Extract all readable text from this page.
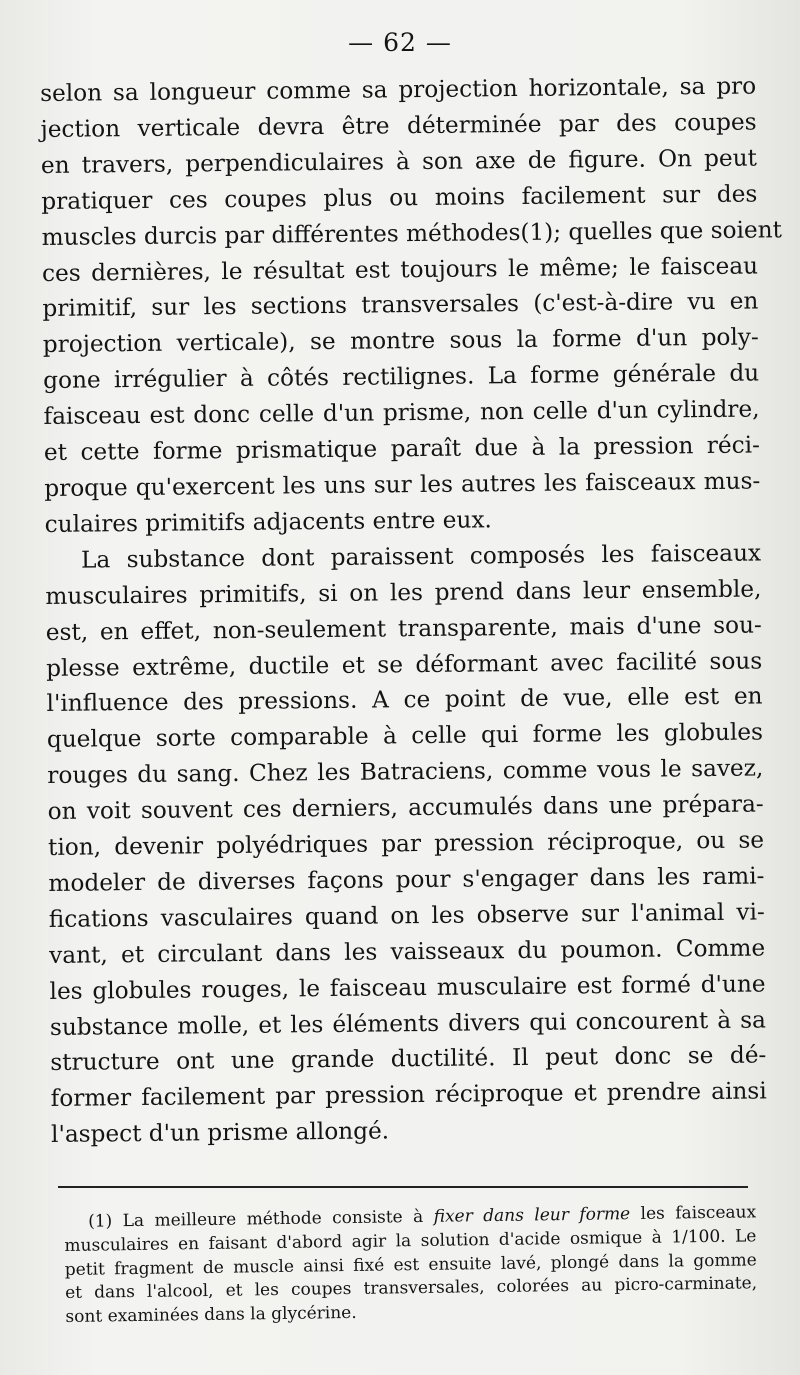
— 62 —
selon sa longueur comme sa projection horizontale, sa pro
jection verticale devra être déterminée par des coupes
en travers, perpendiculaires à son axe de figure. On peut
pratiquer ces coupes plus ou moins facilement sur des
muscles durcis par différentes méthodes(1); quelles que soient
ces dernières, le résultat est toujours le même; le faisceau
primitif, sur les sections transversales (c'est-à-dire vu en
projection verticale), se montre sous la forme d'un poly-
gone irrégulier à côtés rectilignes. La forme générale du
faisceau est donc celle d'un prisme, non celle d'un cylindre,
et cette forme prismatique paraît due à la pression réci-
proque qu'exercent les uns sur les autres les faisceaux mus-
culaires primitifs adjacents entre eux.
La substance dont paraissent composés les faisceaux
musculaires primitifs, si on les prend dans leur ensemble,
est, en effet, non-seulement transparente, mais d'une sou-
plesse extrême, ductile et se déformant avec facilité sous
l'influence des pressions. A ce point de vue, elle est en
quelque sorte comparable à celle qui forme les globules
rouges du sang. Chez les Batraciens, comme vous le savez,
on voit souvent ces derniers, accumulés dans une prépara-
tion, devenir polyédriques par pression réciproque, ou se
modeler de diverses façons pour s'engager dans les rami-
fications vasculaires quand on les observe sur l'animal vi-
vant, et circulant dans les vaisseaux du poumon. Comme
les globules rouges, le faisceau musculaire est formé d'une
substance molle, et les éléments divers qui concourent à sa
structure ont une grande ductilité. Il peut donc se dé-
former facilement par pression réciproque et prendre ainsi
l'aspect d'un prisme allongé.
(1) La meilleure méthode consiste à fixer dans leur forme les faisceaux
musculaires en faisant d'abord agir la solution d'acide osmique à 1/100. Le
petit fragment de muscle ainsi fixé est ensuite lavé, plongé dans la gomme
et dans l'alcool, et les coupes transversales, colorées au picro-carminate,
sont examinées dans la glycérine.
